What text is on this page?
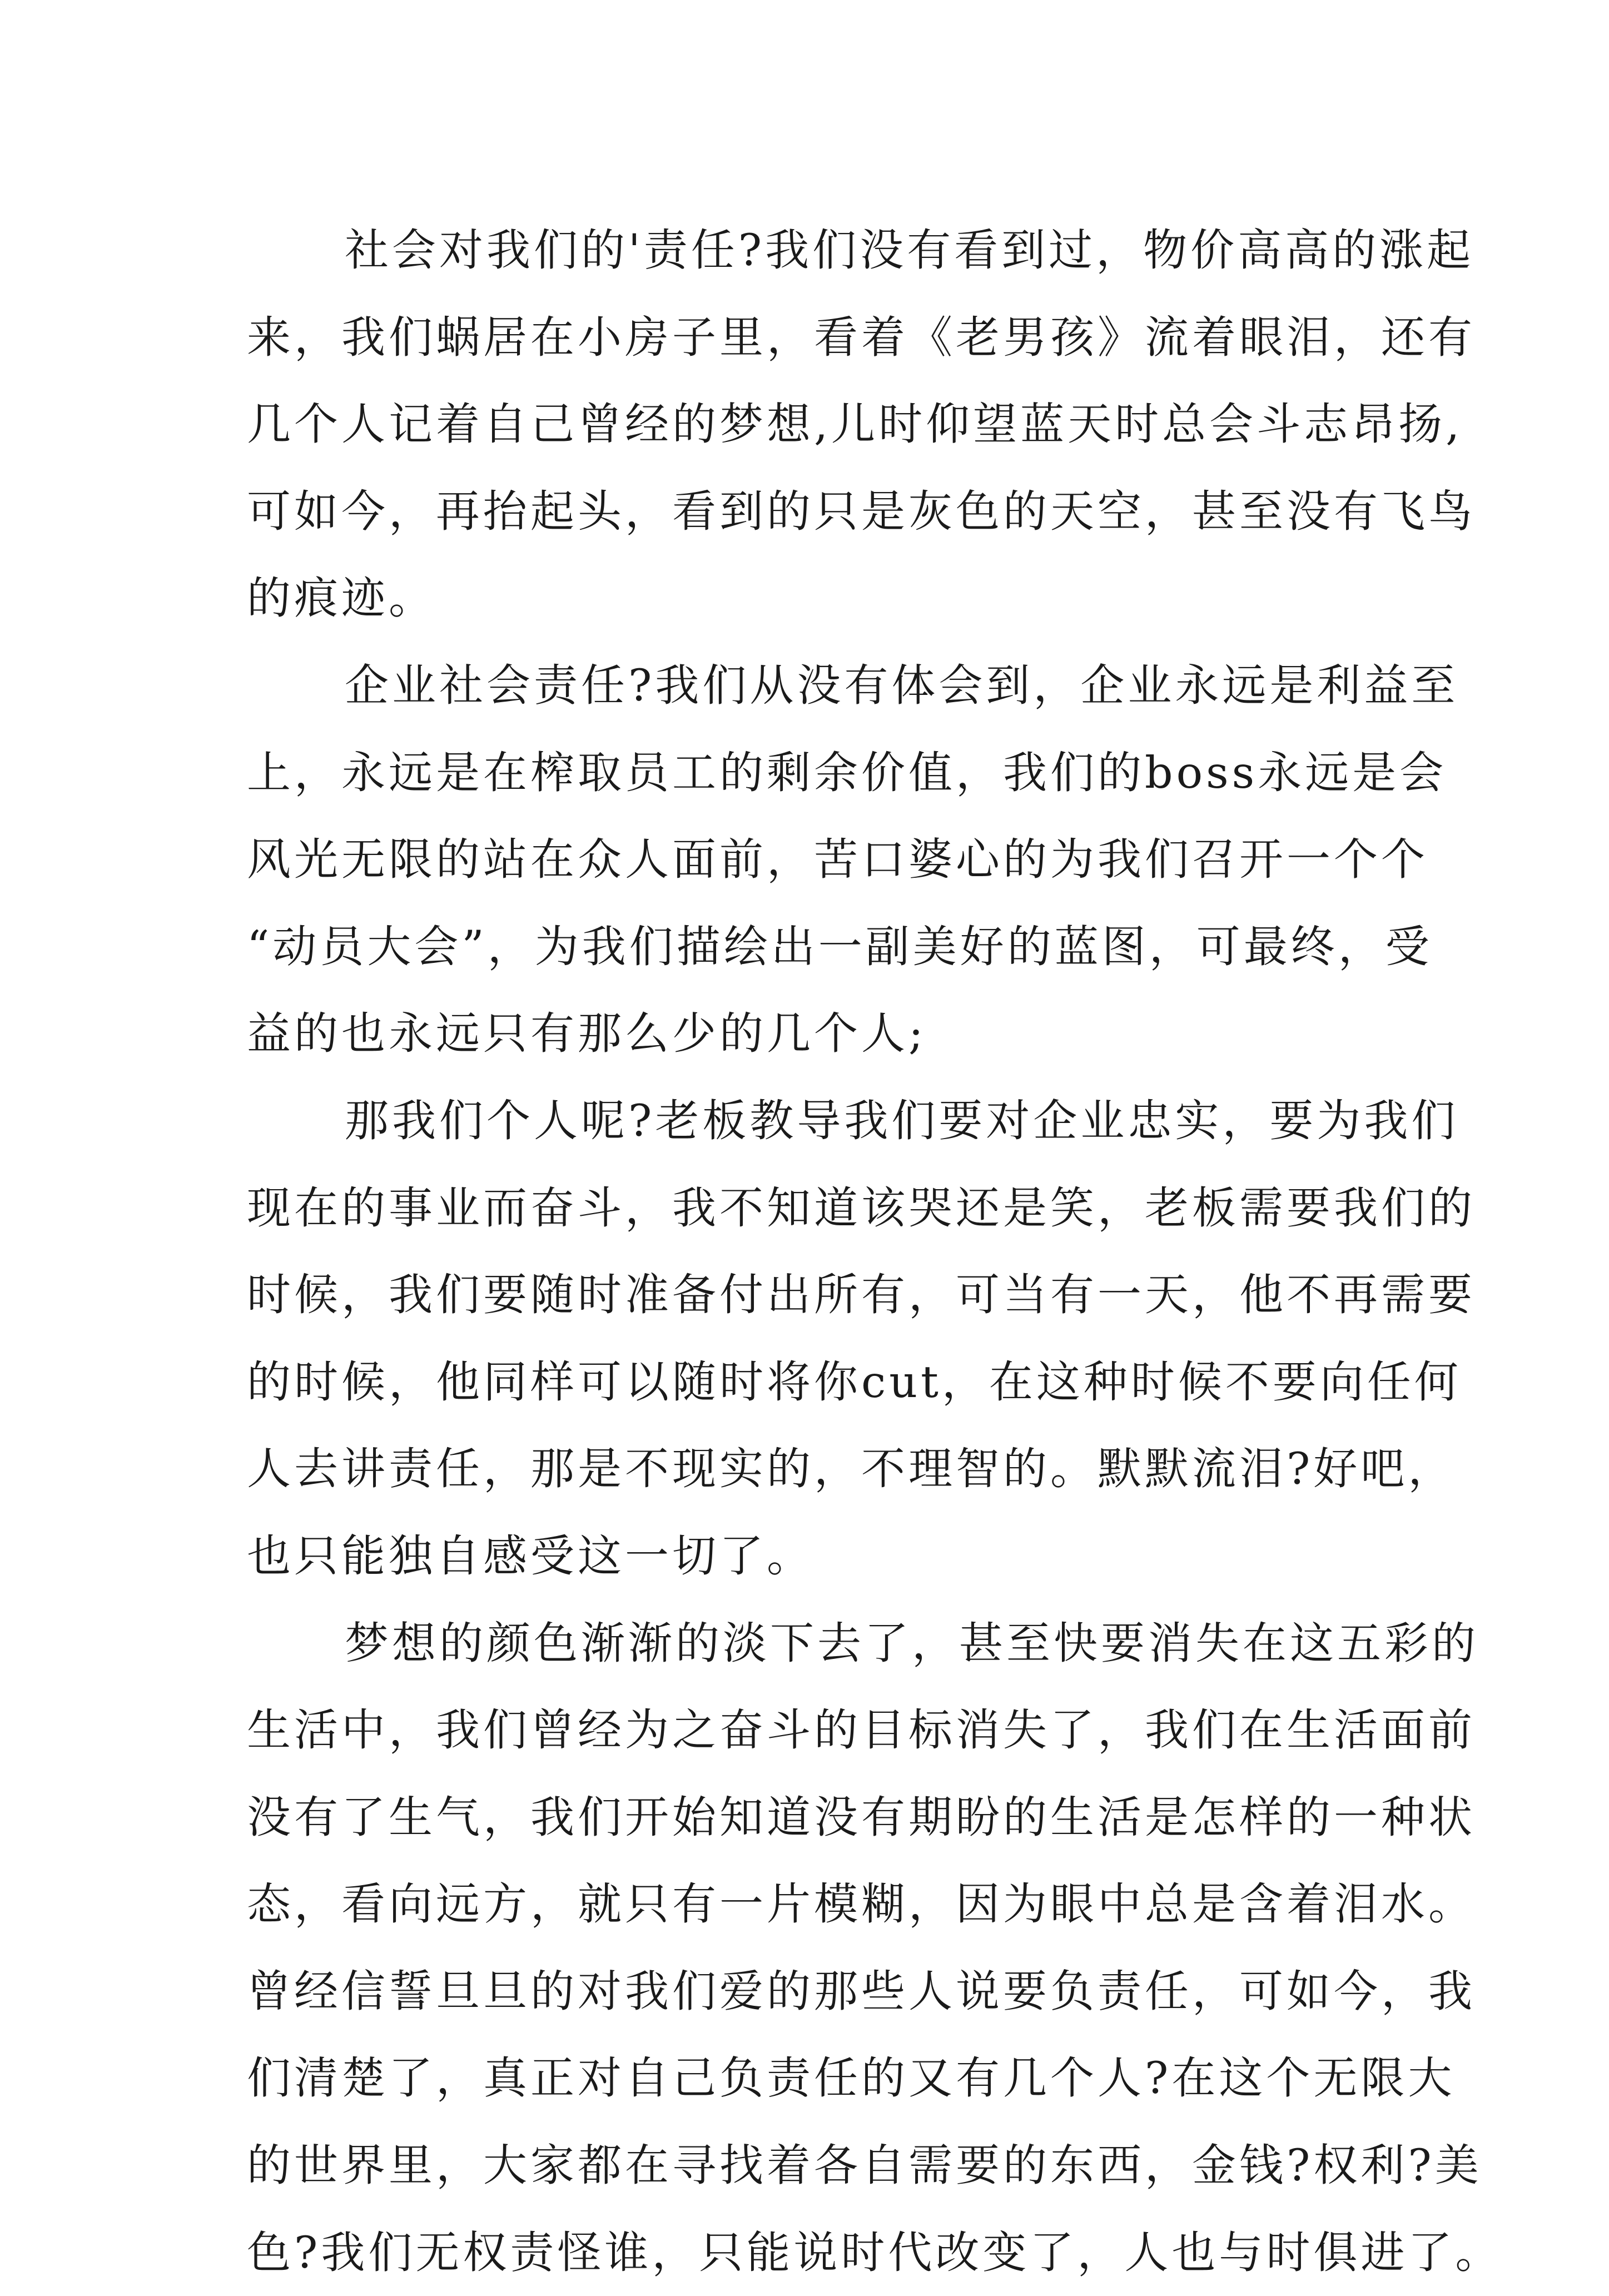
社会对我们的'责任?我们没有看到过，物价高高的涨起
来，我们蜗居在小房子里，看着《老男孩》流着眼泪，还有
几个人记着自己曾经的梦想,儿时仰望蓝天时总会斗志昂扬,
可如今，再抬起头，看到的只是灰色的天空，甚至没有飞鸟
的痕迹。
企业社会责任?我们从没有体会到，企业永远是利益至
上，永远是在榨取员工的剩余价值，我们的boss永远是会
风光无限的站在众人面前，苦口婆心的为我们召开一个个
“动员大会”，为我们描绘出一副美好的蓝图，可最终，受
益的也永远只有那么少的几个人;
那我们个人呢?老板教导我们要对企业忠实，要为我们
现在的事业而奋斗，我不知道该哭还是笑，老板需要我们的
时候，我们要随时准备付出所有，可当有一天，他不再需要
的时候，他同样可以随时将你cut，在这种时候不要向任何
人去讲责任，那是不现实的，不理智的。默默流泪?好吧，
也只能独自感受这一切了。
梦想的颜色渐渐的淡下去了，甚至快要消失在这五彩的
生活中，我们曾经为之奋斗的目标消失了，我们在生活面前
没有了生气，我们开始知道没有期盼的生活是怎样的一种状
态，看向远方，就只有一片模糊，因为眼中总是含着泪水。
曾经信誓旦旦的对我们爱的那些人说要负责任，可如今，我
们清楚了，真正对自己负责任的又有几个人?在这个无限大
的世界里，大家都在寻找着各自需要的东西，金钱?权利?美
色?我们无权责怪谁，只能说时代改变了，人也与时俱进了。
